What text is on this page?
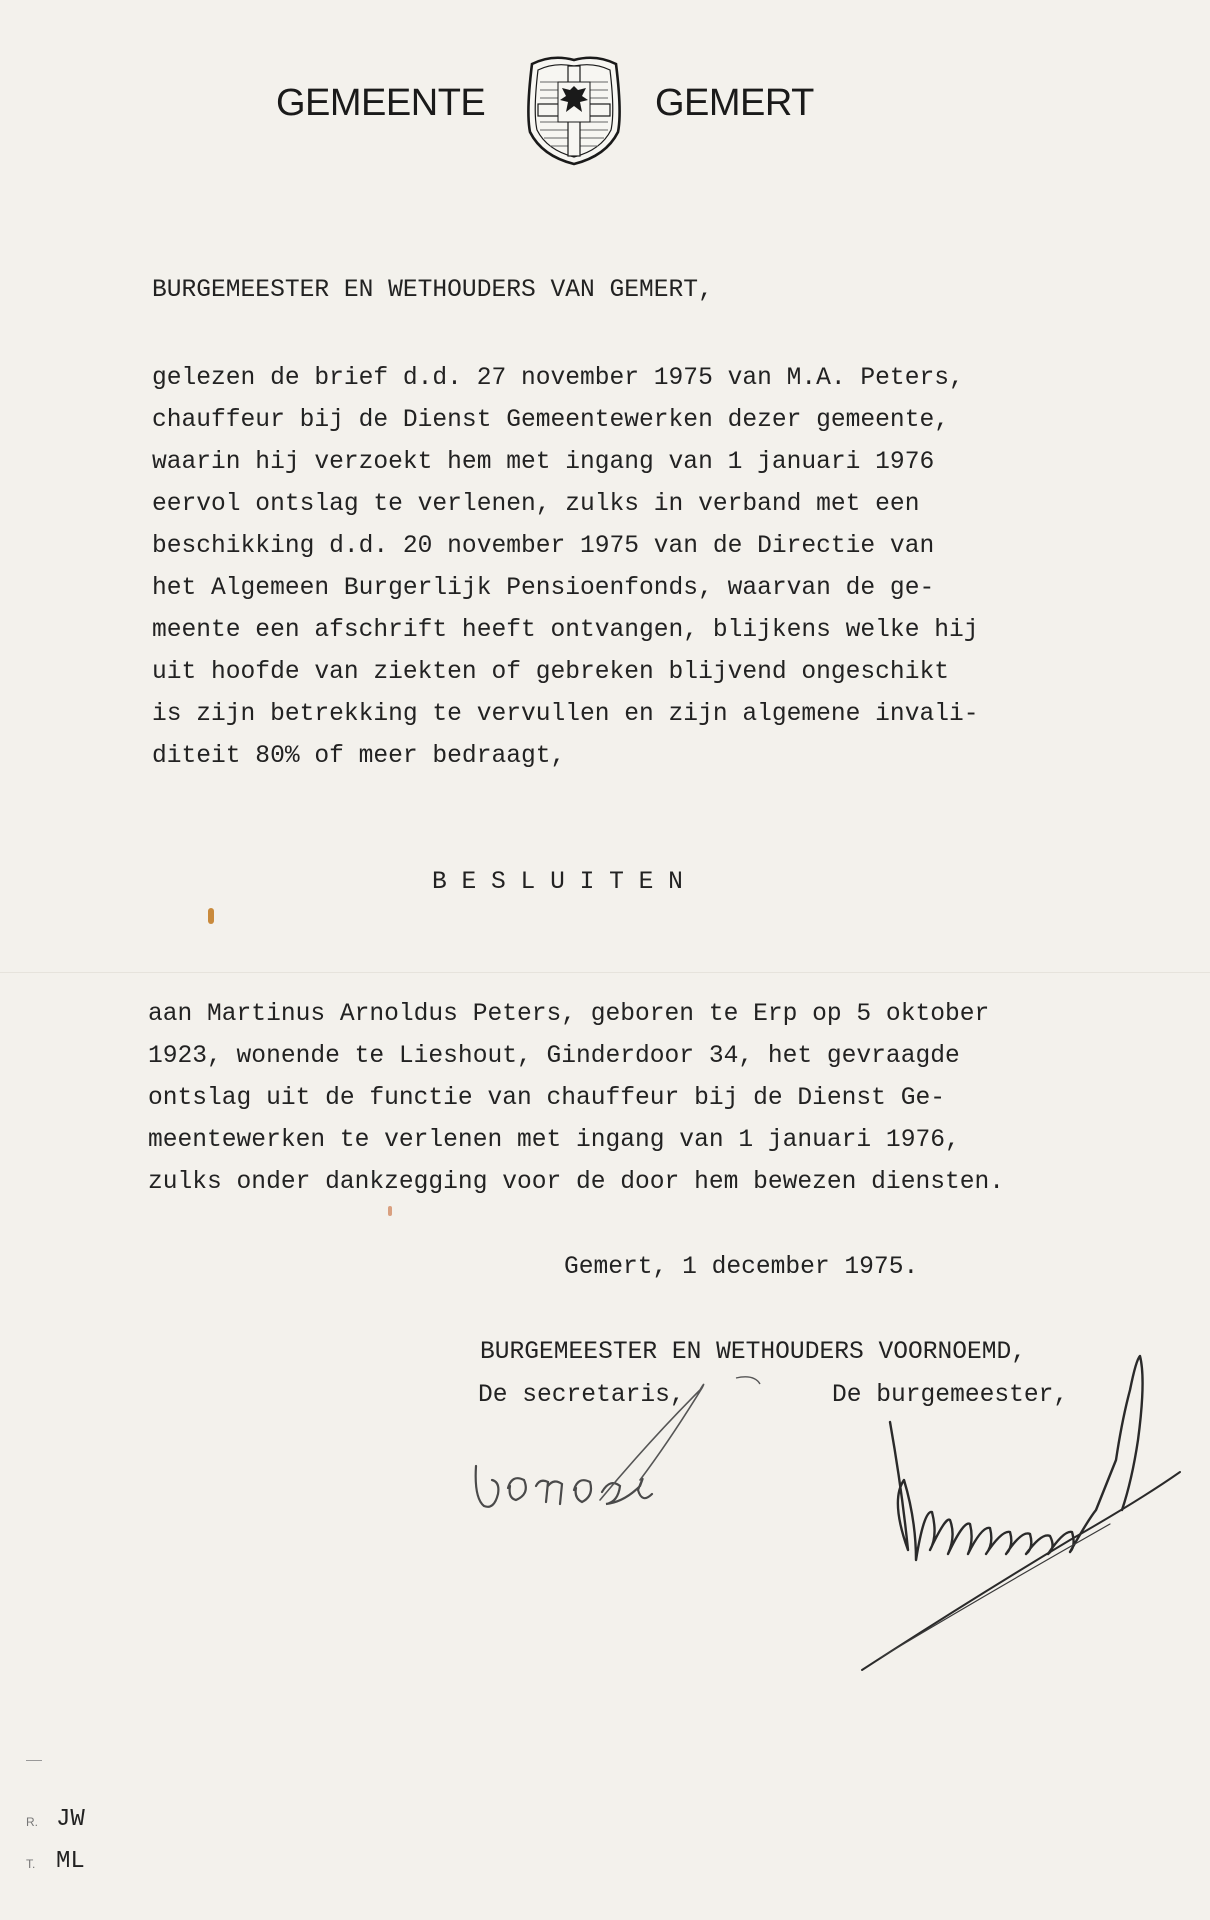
GEMEENTE	GEMERT
BURGEMEESTER EN WETHOUDERS VAN GEMERT,
gelezen de brief d.d. 27 november 1975 van M.A. Peters,
chauffeur bij de Dienst Gemeentewerken dezer gemeente,
waarin hij verzoekt hem met ingang van 1 januari 1976
eervol ontslag te verlenen, zulks in verband met een
beschikking d.d. 20 november 1975 van de Directie van
het Algemeen Burgerlijk Pensioenfonds, waarvan de ge-
meente een afschrift heeft ontvangen, blijkens welke hij
uit hoofde van ziekten of gebreken blijvend ongeschikt
is zijn betrekking te vervullen en zijn algemene invali-
diteit 80% of meer bedraagt,
B E S L U I T E N
aan Martinus Arnoldus Peters, geboren te Erp op 5 oktober
1923, wonende te Lieshout, Ginderdoor 34, het gevraagde
ontslag uit de functie van chauffeur bij de Dienst Ge-
meentewerken te verlenen met ingang van 1 januari 1976,
zulks onder dankzegging voor de door hem bewezen diensten.
Gemert, 1 december 1975.
BURGEMEESTER EN WETHOUDERS VOORNOEMD,
De secretaris,	De burgemeester,
R. JW
T. ML
